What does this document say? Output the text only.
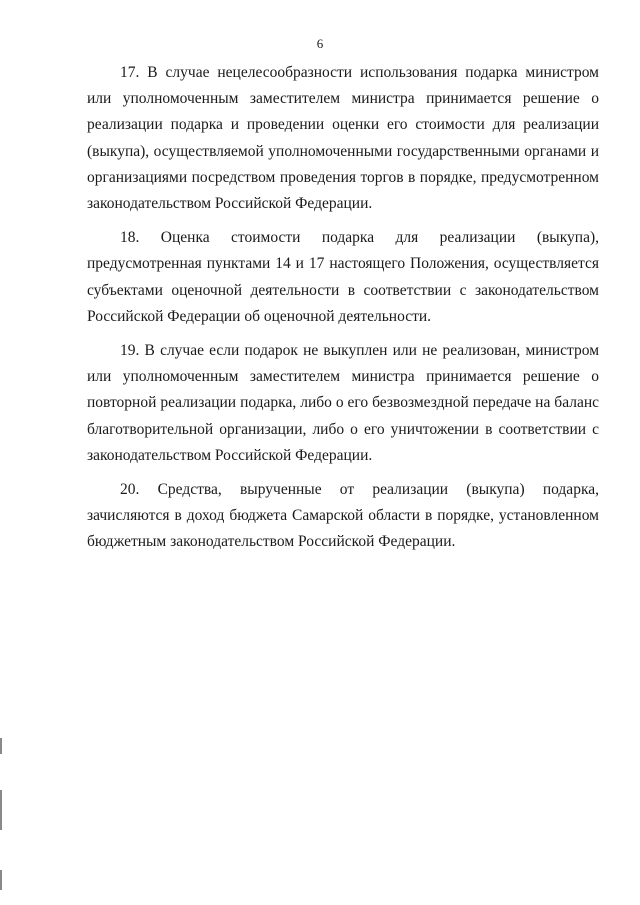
6

17. В случае нецелесообразности использования подарка министром или уполномоченным заместителем министра принимается решение о реализации подарка и проведении оценки его стоимости для реализации (выкупа), осуществляемой уполномоченными государственными органами и организациями посредством проведения торгов в порядке, предусмотренном законодательством Российской Федерации.

18. Оценка стоимости подарка для реализации (выкупа), предусмотренная пунктами 14 и 17 настоящего Положения, осуществляется субъектами оценочной деятельности в соответствии с законодательством Российской Федерации об оценочной деятельности.

19. В случае если подарок не выкуплен или не реализован, министром или уполномоченным заместителем министра принимается решение о повторной реализации подарка, либо о его безвозмездной передаче на баланс благотворительной организации, либо о его уничтожении в соответствии с законодательством Российской Федерации.

20. Средства, вырученные от реализации (выкупа) подарка, зачисляются в доход бюджета Самарской области в порядке, установленном бюджетным законодательством Российской Федерации.
